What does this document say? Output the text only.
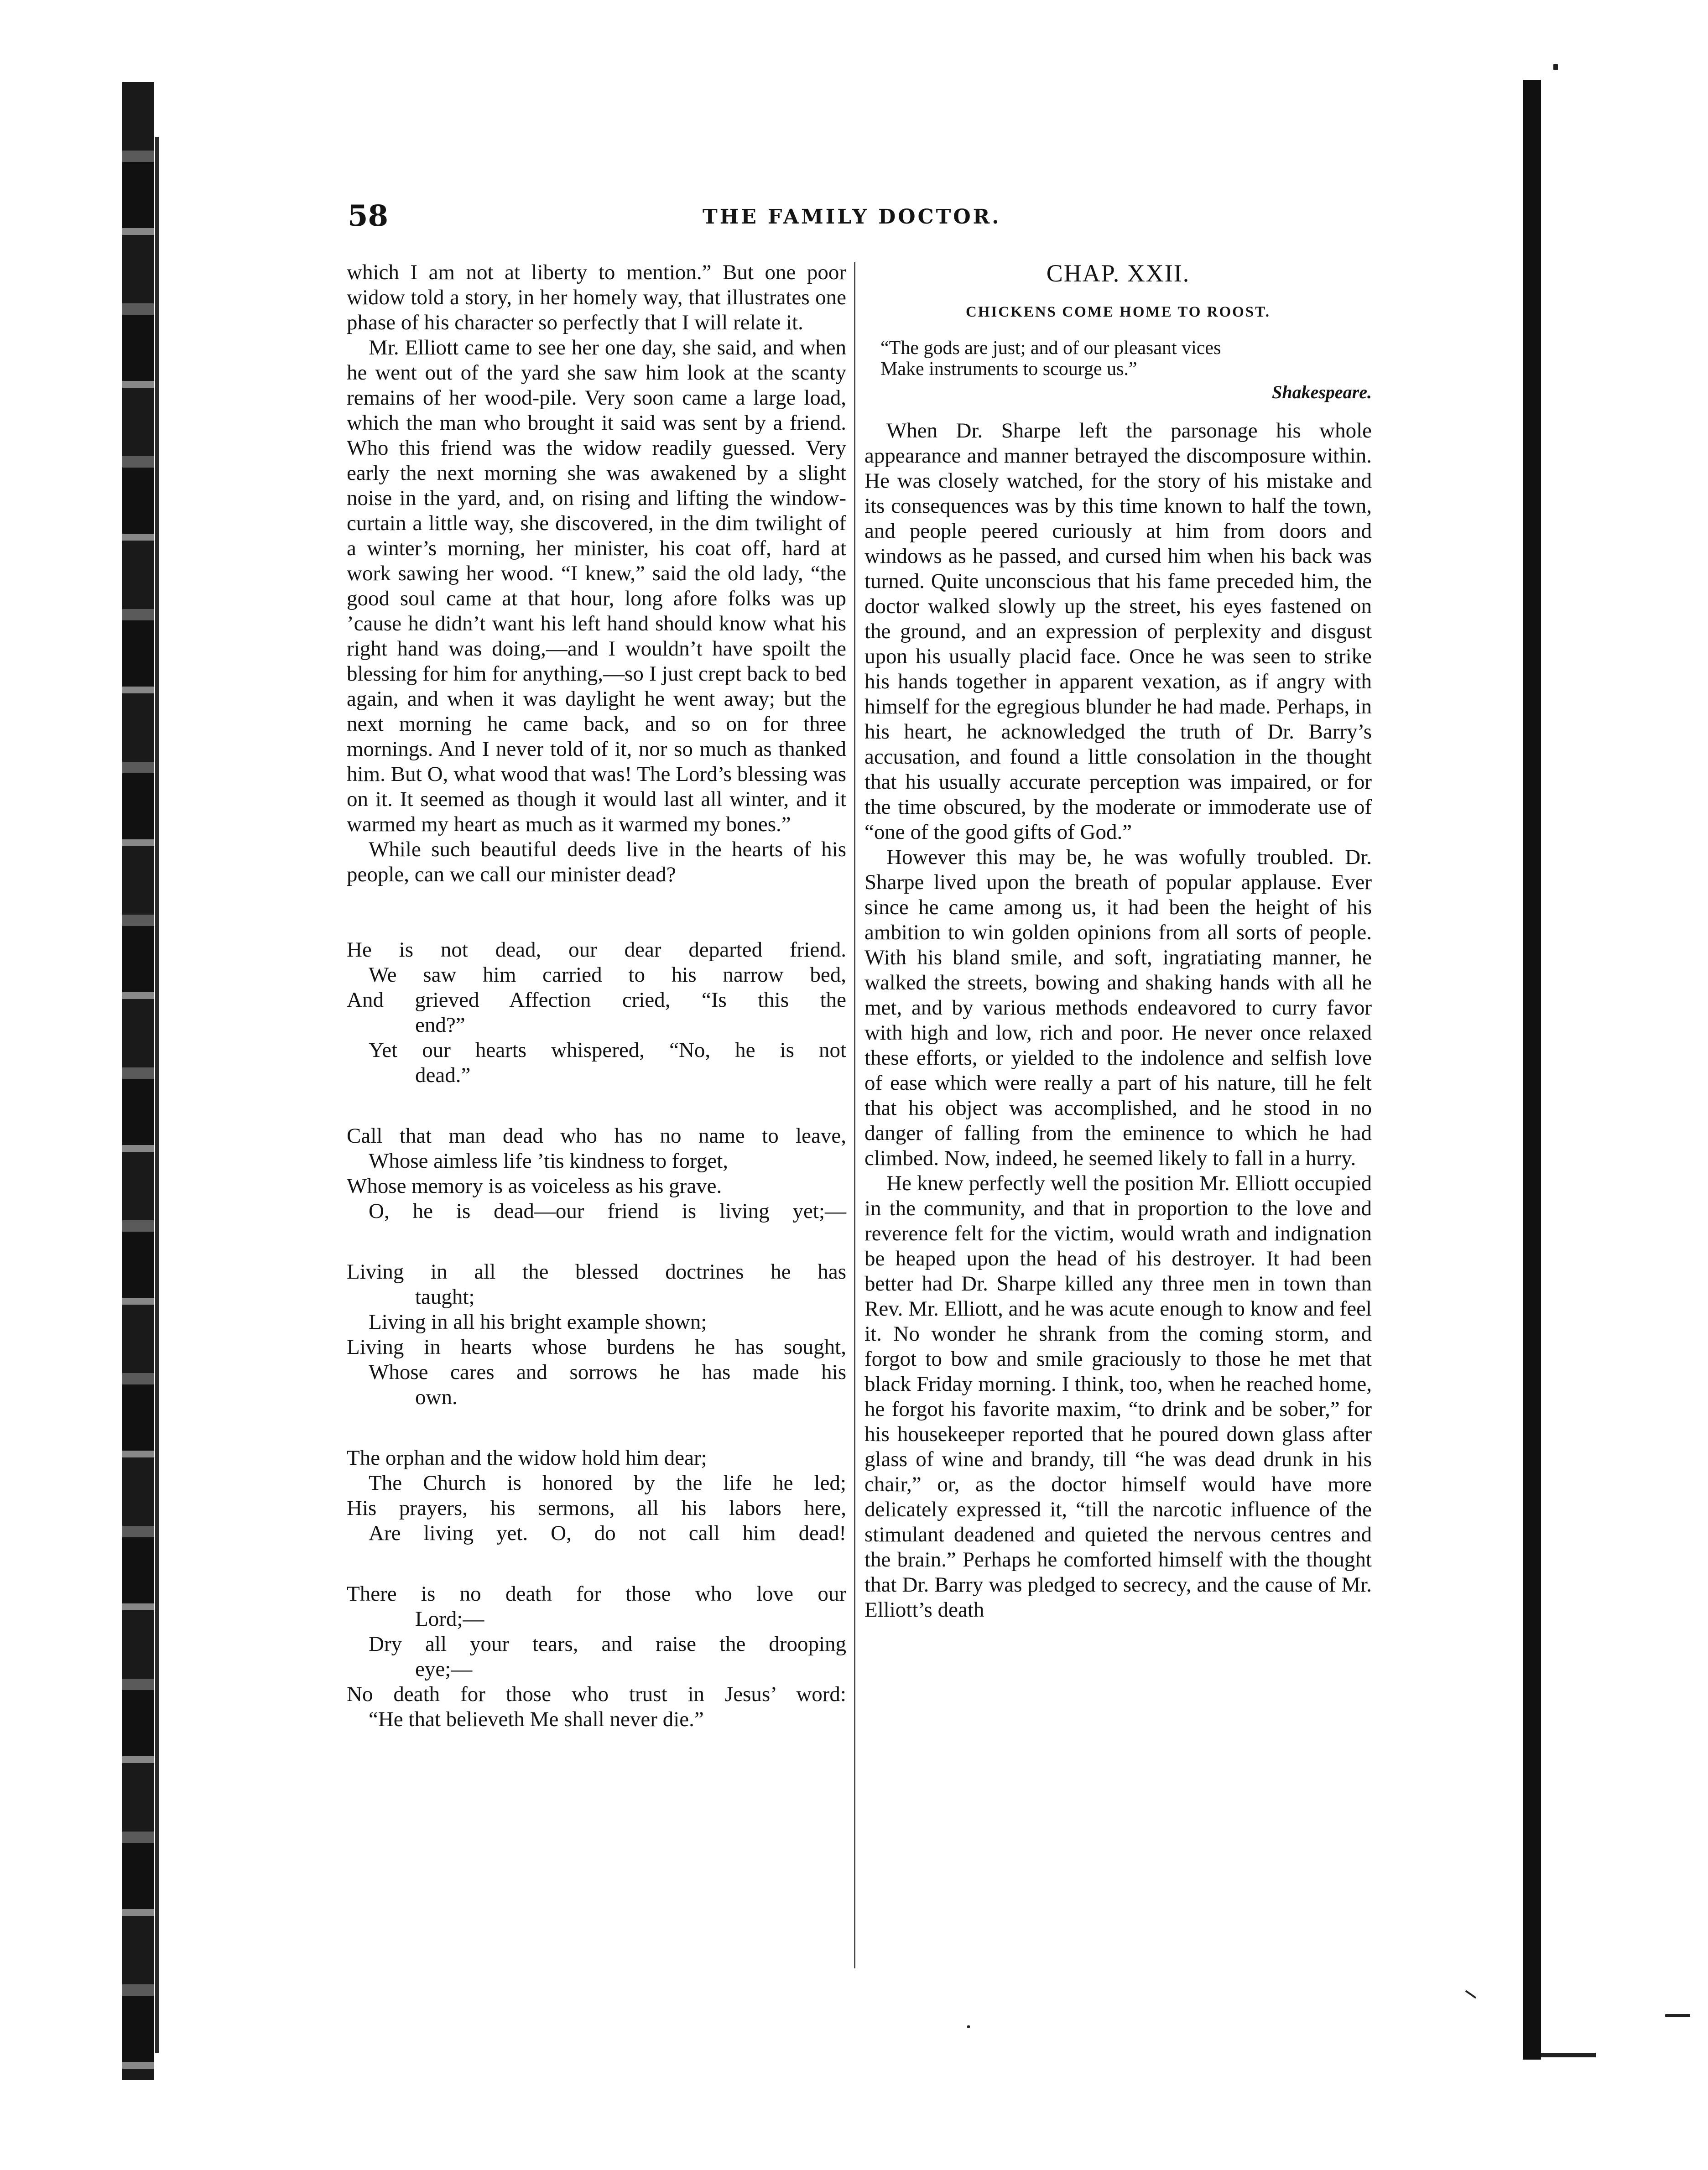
58	THE FAMILY DOCTOR.

which I am not at liberty to mention.” But one poor widow told a story, in her homely way, that illustrates one phase of his character so perfectly that I will relate it.

Mr. Elliott came to see her one day, she said, and when he went out of the yard she saw him look at the scanty remains of her wood-pile. Very soon came a large load, which the man who brought it said was sent by a friend. Who this friend was the widow readily guessed. Very early the next morning she was awakened by a slight noise in the yard, and, on rising and lifting the window-curtain a little way, she discovered, in the dim twilight of a winter’s morning, her minister, his coat off, hard at work sawing her wood. “I knew,” said the old lady, “the good soul came at that hour, long afore folks was up ’cause he didn’t want his left hand should know what his right hand was doing,—and I wouldn’t have spoilt the blessing for him for anything,—so I just crept back to bed again, and when it was daylight he went away; but the next morning he came back, and so on for three mornings. And I never told of it, nor so much as thanked him. But O, what wood that was! The Lord’s blessing was on it. It seemed as though it would last all winter, and it warmed my heart as much as it warmed my bones.”

While such beautiful deeds live in the hearts of his people, can we call our minister dead?

He is not dead, our dear departed friend.
We saw him carried to his narrow bed,
And grieved Affection cried, “Is this the
end?”
Yet our hearts whispered, “No, he is not
dead.”
Call that man dead who has no name to leave,
Whose aimless life ’tis kindness to forget,
Whose memory is as voiceless as his grave.
O, he is dead—our friend is living yet;—
Living in all the blessed doctrines he has
taught;
Living in all his bright example shown;
Living in hearts whose burdens he has sought,
Whose cares and sorrows he has made his
own.
The orphan and the widow hold him dear;
The Church is honored by the life he led;
His prayers, his sermons, all his labors here,
Are living yet. O, do not call him dead!
There is no death for those who love our
Lord;—
Dry all your tears, and raise the drooping
eye;—
No death for those who trust in Jesus’ word:
“He that believeth Me shall never die.”
CHAP. XXII.
CHICKENS COME HOME TO ROOST.
“The gods are just; and of our pleasant vices
Make instruments to scourge us.”
Shakespeare.

When Dr. Sharpe left the parsonage his whole appearance and manner betrayed the discomposure within. He was closely watched, for the story of his mistake and its consequences was by this time known to half the town, and people peered curiously at him from doors and windows as he passed, and cursed him when his back was turned. Quite unconscious that his fame preceded him, the doctor walked slowly up the street, his eyes fastened on the ground, and an expression of perplexity and disgust upon his usually placid face. Once he was seen to strike his hands together in apparent vexation, as if angry with himself for the egregious blunder he had made. Perhaps, in his heart, he acknowledged the truth of Dr. Barry’s accusation, and found a little consolation in the thought that his usually accurate perception was impaired, or for the time obscured, by the moderate or immoderate use of “one of the good gifts of God.”

However this may be, he was wofully troubled. Dr. Sharpe lived upon the breath of popular applause. Ever since he came among us, it had been the height of his ambition to win golden opinions from all sorts of people. With his bland smile, and soft, ingratiating manner, he walked the streets, bowing and shaking hands with all he met, and by various methods endeavored to curry favor with high and low, rich and poor. He never once relaxed these efforts, or yielded to the indolence and selfish love of ease which were really a part of his nature, till he felt that his object was accomplished, and he stood in no danger of falling from the eminence to which he had climbed. Now, indeed, he seemed likely to fall in a hurry.

He knew perfectly well the position Mr. Elliott occupied in the community, and that in proportion to the love and reverence felt for the victim, would wrath and indignation be heaped upon the head of his destroyer. It had been better had Dr. Sharpe killed any three men in town than Rev. Mr. Elliott, and he was acute enough to know and feel it. No wonder he shrank from the coming storm, and forgot to bow and smile graciously to those he met that black Friday morning. I think, too, when he reached home, he forgot his favorite maxim, “to drink and be sober,” for his housekeeper reported that he poured down glass after glass of wine and brandy, till “he was dead drunk in his chair,” or, as the doctor himself would have more delicately expressed it, “till the narcotic influence of the stimulant deadened and quieted the nervous centres and the brain.” Perhaps he comforted himself with the thought that Dr. Barry was pledged to secrecy, and the cause of Mr. Elliott’s death
